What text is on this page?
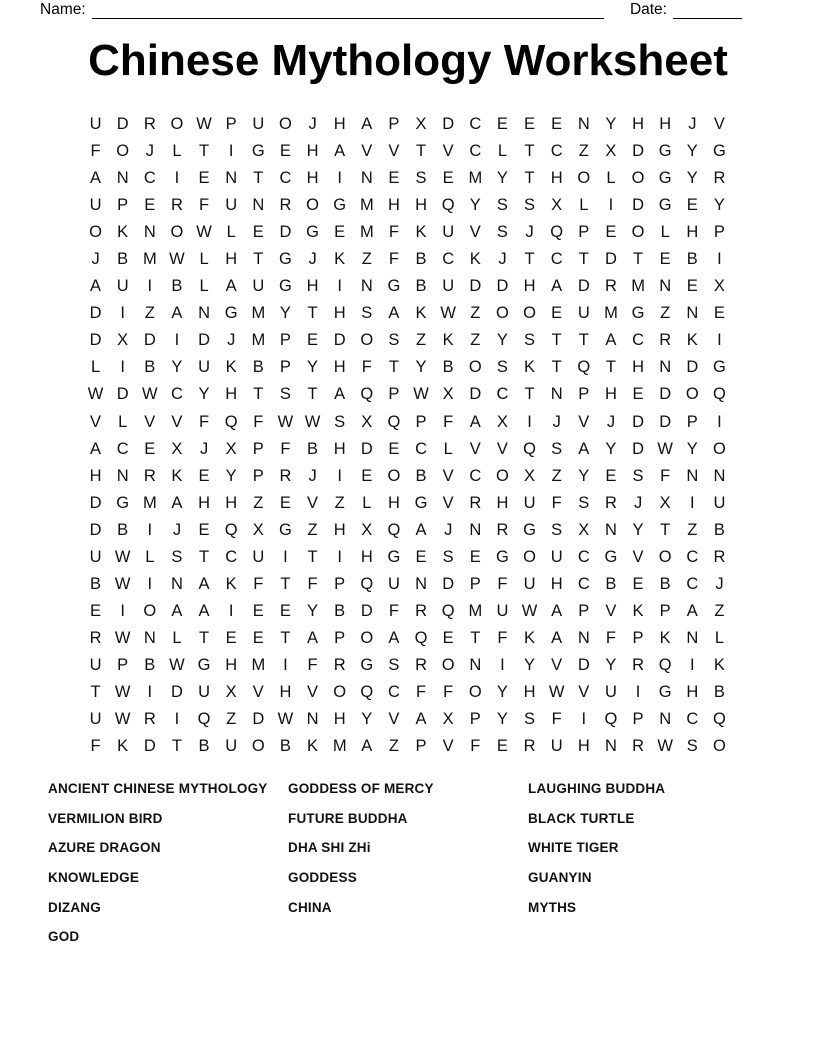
Name:	Date:
Chinese Mythology Worksheet
U D R O W P U O	J	H A P X D C E E E N Y H H	J	V
F O	J	L	T	I	G E H A V V	T	V C	L	T C Z	X D G Y G
A N C	I	E N T C H	I	N E S E M Y	T H O L O G Y R
U P E R F U N R O G M H H Q Y S S X	L	I	D G E Y
O K N O W L	E D G E M F	K U V S	J	Q P E O L	H P
J	B M W L	H T G	J	K	Z	F	B C K	J	T C T D T	E B	I
A U	I	B	L	A U G H	I	N G B U D D H A D R M N E X
D	I	Z	A N G M Y	T H S A K W Z O O E U M G Z N E
D X D	I	D	J M P E D O S	Z	K	Z	Y S	T	T	A C R K	I
L	I	B Y U K B P Y H F	T	Y B O S K	T Q T H N D G
W D W C Y H T	S	T	A Q P W X D C T N P H E D O Q
V	L	V V	F Q F W W S X Q P	F	A X	I	J	V	J	D D P	I
A C E X	J	X P	F	B H D E C	L	V V Q S A Y D W Y O
H N R K E Y P R	J	I	E O B V C O X	Z	Y E S	F N N
D G M A H H Z	E V	Z	L	H G V R H U F	S R	J	X	I	U
D B	I	J	E Q X G Z H X Q A	J	N R G S X N Y	T	Z	B
U W L	S	T C U	I	T	I	H G E S E G O U C G V O C R
B W	I	N A K	F	T	F	P Q U N D P	F U H C B E B C	J
E	I	O A A	I	E E Y B D F R Q M U W A P V K P A	Z
R W N	L	T	E E	T	A P O A Q E	T	F	K A N F	P K N	L
U P B W G H M	I	F R G S R O N	I	Y V D Y R Q	I	K
T W	I	D U X V H V O Q C F	F O Y H W V U	I	G H B
U W R	I	Q Z D W N H Y V A X P Y S	F	I	Q P N C Q
F	K D T	B U O B K M A	Z	P V	F	E R U H N R W S O
ANCIENT CHINESE MYTHOLOGY
VERMILION BIRD
AZURE DRAGON
KNOWLEDGE
DIZANG
GOD
GODDESS OF MERCY
FUTURE BUDDHA
DHA SHI ZHi
GODDESS
CHINA
LAUGHING BUDDHA
BLACK TURTLE
WHITE TIGER
GUANYIN
MYTHS
